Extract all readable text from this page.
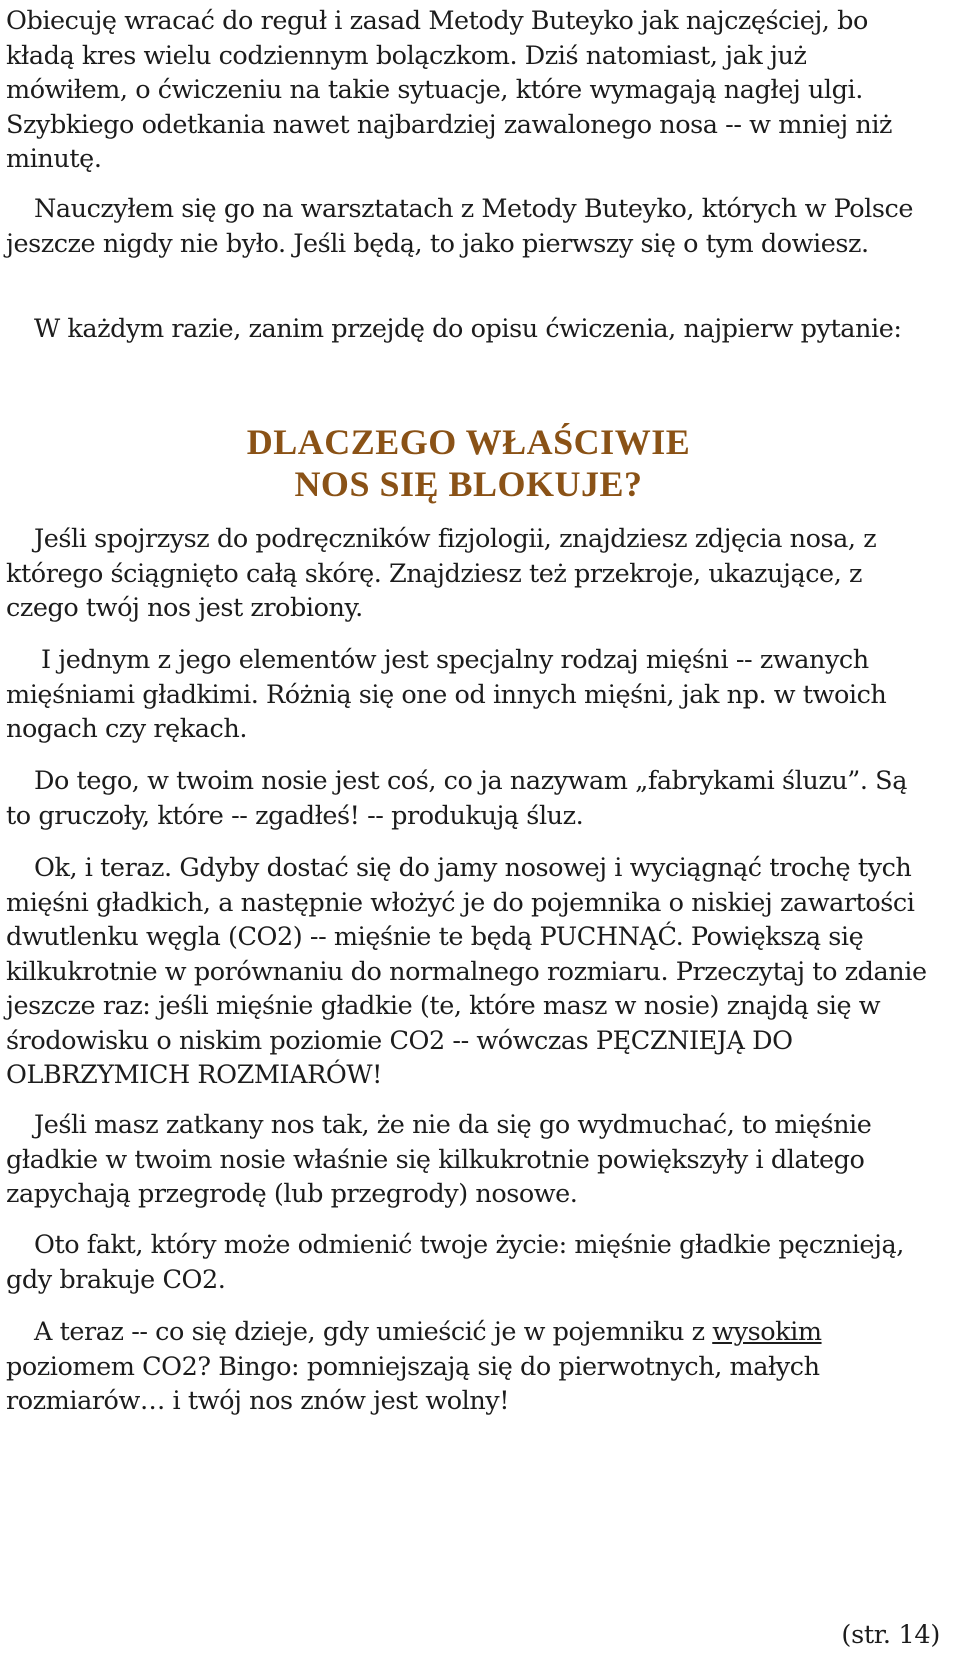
Obiecuję wracać do reguł i zasad Metody Buteyko jak najczęściej, bo kładą kres wielu codziennym bolączkom. Dziś natomiast, jak już mówiłem, o ćwiczeniu na takie sytuacje, które wymagają nagłej ulgi. Szybkiego odetkania nawet najbardziej zawalonego nosa -- w mniej niż minutę.

Nauczyłem się go na warsztatach z Metody Buteyko, których w Polsce jeszcze nigdy nie było. Jeśli będą, to jako pierwszy się o tym dowiesz.

W każdym razie, zanim przejdę do opisu ćwiczenia, najpierw pytanie:

DLACZEGO WŁAŚCIWIE
NOS SIĘ BLOKUJE?

Jeśli spojrzysz do podręczników fizjologii, znajdziesz zdjęcia nosa, z którego ściągnięto całą skórę. Znajdziesz też przekroje, ukazujące, z czego twój nos jest zrobiony.

I jednym z jego elementów jest specjalny rodzaj mięśni -- zwanych mięśniami gładkimi. Różnią się one od innych mięśni, jak np. w twoich nogach czy rękach.

Do tego, w twoim nosie jest coś, co ja nazywam „fabrykami śluzu”. Są to gruczoły, które -- zgadłeś! -- produkują śluz.

Ok, i teraz. Gdyby dostać się do jamy nosowej i wyciągnąć trochę tych mięśni gładkich, a następnie włożyć je do pojemnika o niskiej zawartości dwutlenku węgla (CO2) -- mięśnie te będą PUCHNĄĆ. Powiększą się kilkukrotnie w porównaniu do normalnego rozmiaru. Przeczytaj to zdanie jeszcze raz: jeśli mięśnie gładkie (te, które masz w nosie) znajdą się w środowisku o niskim poziomie CO2 -- wówczas PĘCZNIEJĄ DO OLBRZYMICH ROZMIARÓW!

Jeśli masz zatkany nos tak, że nie da się go wydmuchać, to mięśnie gładkie w twoim nosie właśnie się kilkukrotnie powiększyły i dlatego zapychają przegrodę (lub przegrody) nosowe.

Oto fakt, który może odmienić twoje życie: mięśnie gładkie pęcznieją, gdy brakuje CO2.

A teraz -- co się dzieje, gdy umieścić je w pojemniku z wysokim poziomem CO2? Bingo: pomniejszają się do pierwotnych, małych rozmiarów… i twój nos znów jest wolny!

(str. 14)
